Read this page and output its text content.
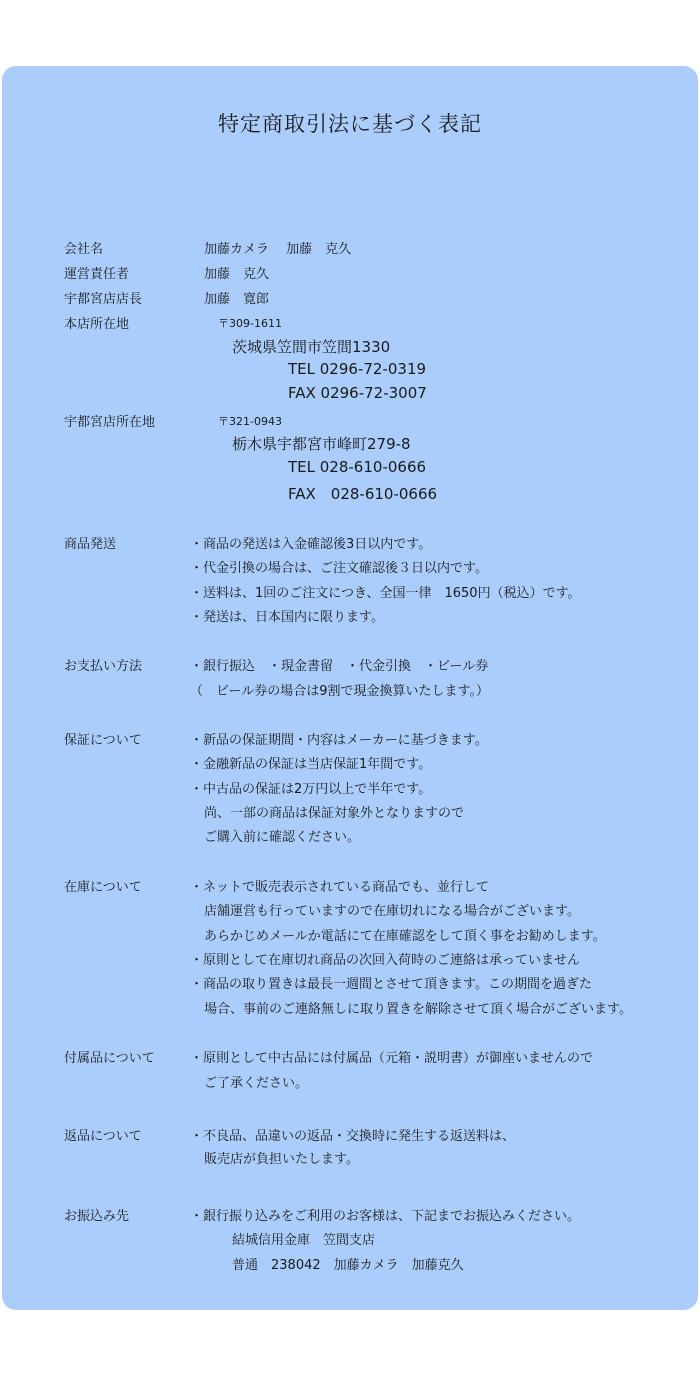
特定商取引法に基づく表記
会社名	加藤カメラ　 加藤　克久
運営責任者	加藤　克久
宇都宮店店長	加藤　寛郎
本店所在地	〒309-1611
茨城県笠間市笠間1330
TEL 0296-72-0319
FAX 0296-72-3007
宇都宮店所在地	〒321-0943
栃木県宇都宮市峰町279-8
TEL 028-610-0666
FAX　028-610-0666
商品発送	・商品の発送は入金確認後3日以内です。
・代金引換の場合は、ご注文確認後３日以内です。
・送料は、1回のご注文につき、全国一律　1650円（税込）です。
・発送は、日本国内に限ります。
お支払い方法	・銀行振込　・現金書留　・代金引換　・ビール券
（　ビール券の場合は9割で現金換算いたします。）
保証について	・新品の保証期間・内容はメーカーに基づきます。
・金融新品の保証は当店保証1年間です。
・中古品の保証は2万円以上で半年です。
尚、一部の商品は保証対象外となりますので
ご購入前に確認ください。
在庫について	・ネットで販売表示されている商品でも、並行して
店舗運営も行っていますので在庫切れになる場合がございます。
あらかじめメールか電話にて在庫確認をして頂く事をお勧めします。
・原則として在庫切れ商品の次回入荷時のご連絡は承っていません
・商品の取り置きは最長一週間とさせて頂きます。この期間を過ぎた
場合、事前のご連絡無しに取り置きを解除させて頂く場合がございます。
付属品について	・原則として中古品には付属品（元箱・説明書）が御座いませんので
ご了承ください。
返品について	・不良品、品違いの返品・交換時に発生する返送料は、
販売店が負担いたします。
お振込み先	・銀行振り込みをご利用のお客様は、下記までお振込みください。
結城信用金庫　笠間支店
普通　238042　加藤カメラ　加藤克久
